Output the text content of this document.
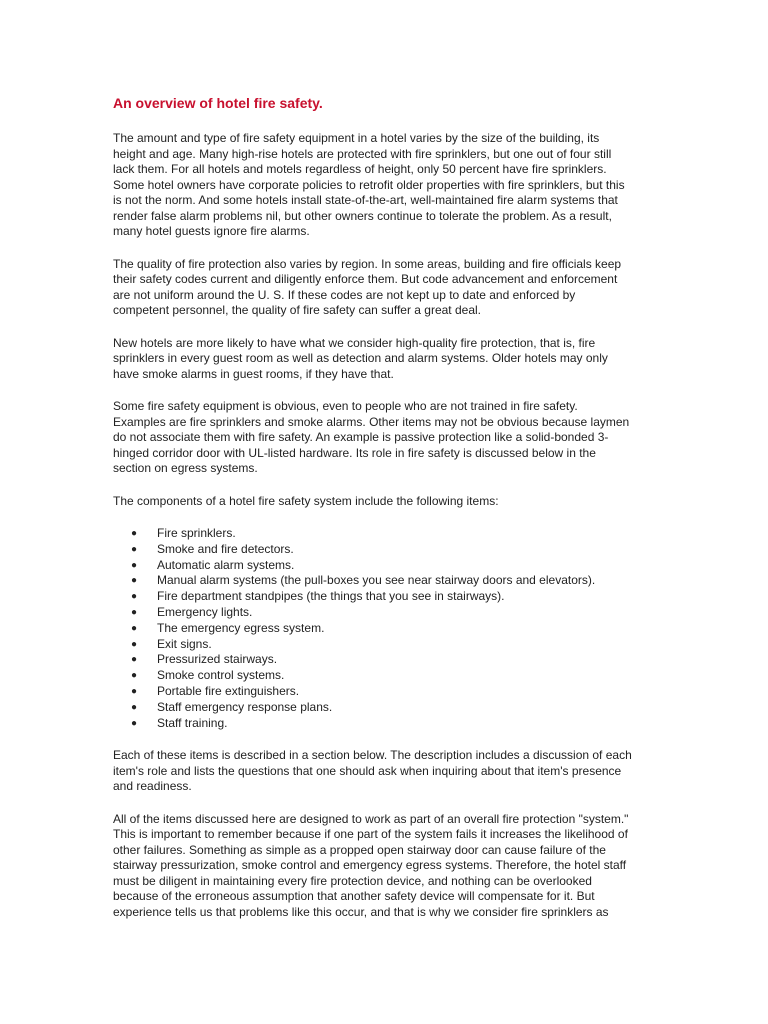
An overview of hotel fire safety.

The amount and type of fire safety equipment in a hotel varies by the size of the building, its height and age. Many high-rise hotels are protected with fire sprinklers, but one out of four still lack them. For all hotels and motels regardless of height, only 50 percent have fire sprinklers. Some hotel owners have corporate policies to retrofit older properties with fire sprinklers, but this is not the norm. And some hotels install state-of-the-art, well-maintained fire alarm systems that render false alarm problems nil, but other owners continue to tolerate the problem. As a result, many hotel guests ignore fire alarms.

The quality of fire protection also varies by region. In some areas, building and fire officials keep their safety codes current and diligently enforce them. But code advancement and enforcement are not uniform around the U. S. If these codes are not kept up to date and enforced by competent personnel, the quality of fire safety can suffer a great deal.

New hotels are more likely to have what we consider high-quality fire protection, that is, fire sprinklers in every guest room as well as detection and alarm systems. Older hotels may only have smoke alarms in guest rooms, if they have that.

Some fire safety equipment is obvious, even to people who are not trained in fire safety. Examples are fire sprinklers and smoke alarms. Other items may not be obvious because laymen do not associate them with fire safety. An example is passive protection like a solid-bonded 3-hinged corridor door with UL-listed hardware. Its role in fire safety is discussed below in the section on egress systems.

The components of a hotel fire safety system include the following items:

●
Fire sprinklers.
●
Smoke and fire detectors.
●
Automatic alarm systems.
●
Manual alarm systems (the pull-boxes you see near stairway doors and elevators).
●
Fire department standpipes (the things that you see in stairways).
●
Emergency lights.
●
The emergency egress system.
●
Exit signs.
●
Pressurized stairways.
●
Smoke control systems.
●
Portable fire extinguishers.
●
Staff emergency response plans.
●
Staff training.

Each of these items is described in a section below. The description includes a discussion of each item's role and lists the questions that one should ask when inquiring about that item's presence and readiness.

All of the items discussed here are designed to work as part of an overall fire protection "system." This is important to remember because if one part of the system fails it increases the likelihood of other failures. Something as simple as a propped open stairway door can cause failure of the stairway pressurization, smoke control and emergency egress systems. Therefore, the hotel staff must be diligent in maintaining every fire protection device, and nothing can be overlooked because of the erroneous assumption that another safety device will compensate for it. But experience tells us that problems like this occur, and that is why we consider fire sprinklers as
